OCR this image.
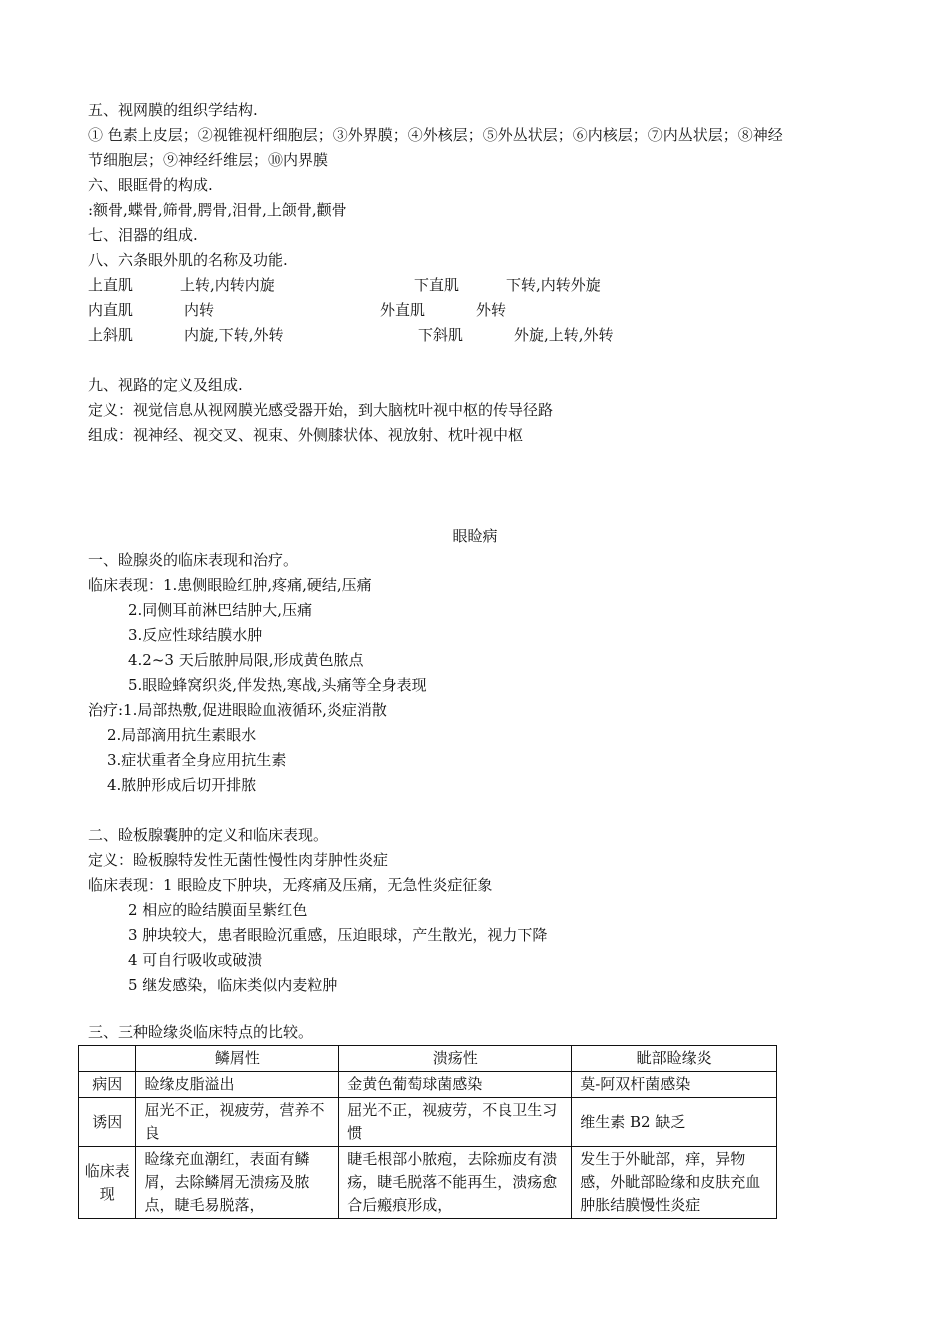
五、视网膜的组织学结构.
① 色素上皮层；②视锥视杆细胞层；③外界膜；④外核层；⑤外丛状层；⑥内核层；⑦内丛状层；⑧神经
节细胞层；⑨神经纤维层；⑩内界膜
六、眼眶骨的构成.
:额骨,蝶骨,筛骨,腭骨,泪骨,上颌骨,颧骨
七、泪器的组成.
八、六条眼外肌的名称及功能.
上直肌	上转,内转内旋	下直肌	下转,内转外旋
内直肌	内转	外直肌	外转
上斜肌	内旋,下转,外转	下斜肌	外旋,上转,外转
九、视路的定义及组成.
定义：视觉信息从视网膜光感受器开始，到大脑枕叶视中枢的传导径路
组成：视神经、视交叉、视束、外侧膝状体、视放射、枕叶视中枢
眼睑病
一、睑腺炎的临床表现和治疗。
临床表现：1.患侧眼睑红肿,疼痛,硬结,压痛
2.同侧耳前淋巴结肿大,压痛
3.反应性球结膜水肿
4.2~3 天后脓肿局限,形成黄色脓点
5.眼睑蜂窝织炎,伴发热,寒战,头痛等全身表现
治疗:1.局部热敷,促进眼睑血液循环,炎症消散
2.局部滴用抗生素眼水
3.症状重者全身应用抗生素
4.脓肿形成后切开排脓
二、睑板腺囊肿的定义和临床表现。
定义：睑板腺特发性无菌性慢性肉芽肿性炎症
临床表现：1 眼睑皮下肿块，无疼痛及压痛，无急性炎症征象
2 相应的睑结膜面呈紫红色
3 肿块较大，患者眼睑沉重感，压迫眼球，产生散光，视力下降
4 可自行吸收或破溃
5 继发感染，临床类似内麦粒肿
三、三种睑缘炎临床特点的比较。
	鳞屑性	溃疡性	眦部睑缘炎
病因	睑缘皮脂溢出	金黄色葡萄球菌感染	莫-阿双杆菌感染
诱因	屈光不正，视疲劳，营养不良	屈光不正，视疲劳，不良卫生习惯	维生素 B2 缺乏
临床表现	睑缘充血潮红，表面有鳞屑，去除鳞屑无溃疡及脓点，睫毛易脱落，	睫毛根部小脓疱，去除痂皮有溃疡，睫毛脱落不能再生，溃疡愈合后瘢痕形成，	发生于外眦部，痒，异物感，外眦部睑缘和皮肤充血肿胀结膜慢性炎症
